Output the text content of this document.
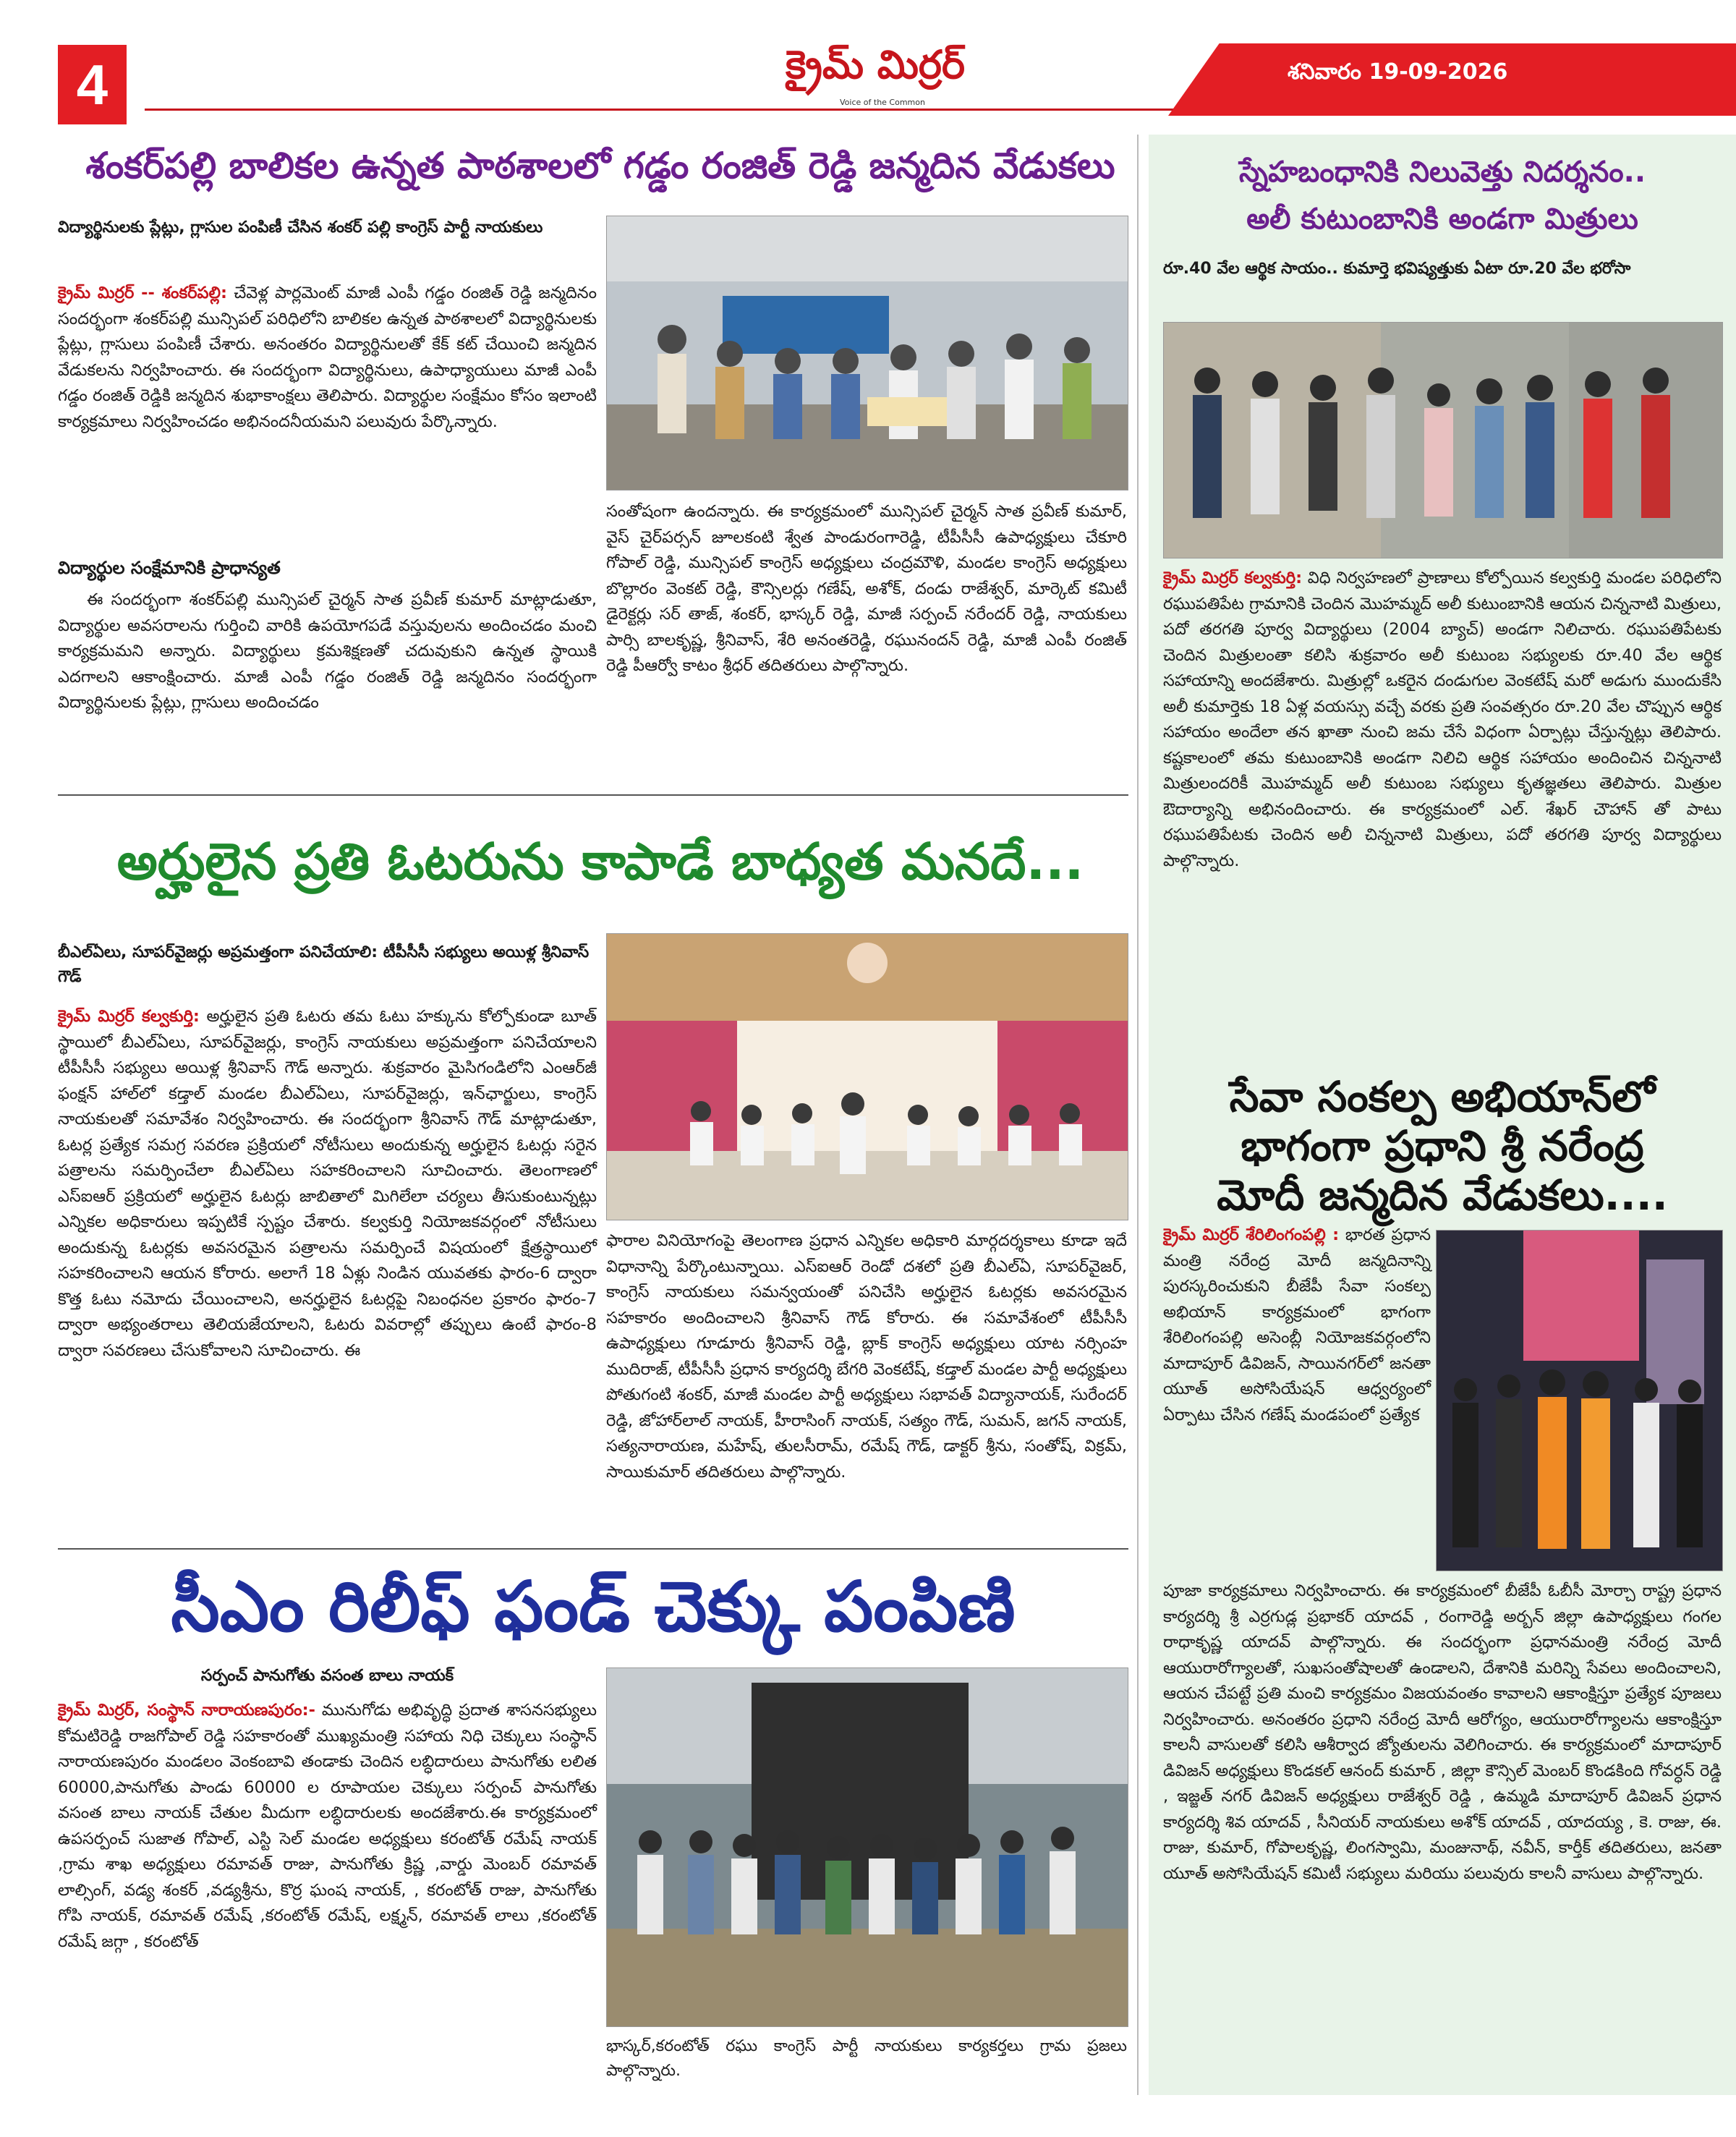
4	క్రైమ్ మిర్రర్
Voice of the Common
శనివారం 19-09-2026
శంకర్‌పల్లి బాలికల ఉన్నత పాఠశాలలో గడ్డం రంజిత్ రెడ్డి జన్మదిన వేడుకలు
విద్యార్థినులకు ప్లేట్లు, గ్లాసుల పంపిణీ చేసిన శంకర్ పల్లి కాంగ్రెస్ పార్టీ నాయకులు

క్రైమ్ మిర్రర్ -- శంకర్‌పల్లి: చేవెళ్ల పార్లమెంట్ మాజీ ఎంపీ గడ్డం రంజిత్ రెడ్డి జన్మదినం సందర్భంగా శంకర్‌పల్లి మున్సిపల్ పరిధిలోని బాలికల ఉన్నత పాఠశాలలో విద్యార్థినులకు ప్లేట్లు, గ్లాసులు పంపిణీ చేశారు. అనంతరం విద్యార్థినులతో కేక్ కట్ చేయించి జన్మదిన వేడుకలను నిర్వహించారు. ఈ సందర్భంగా విద్యార్థినులు, ఉపాధ్యాయులు మాజీ ఎంపీ గడ్డం రంజిత్ రెడ్డికి జన్మదిన శుభాకాంక్షలు తెలిపారు. విద్యార్థుల సంక్షేమం కోసం ఇలాంటి కార్యక్రమాలు నిర్వహించడం అభినందనీయమని పలువురు పేర్కొన్నారు.

విద్యార్థుల సంక్షేమానికి ప్రాధాన్యత
ఈ సందర్భంగా శంకర్‌పల్లి మున్సిపల్ చైర్మన్ సాత ప్రవీణ్ కుమార్ మాట్లాడుతూ, విద్యార్థుల అవసరాలను గుర్తించి వారికి ఉపయోగపడే వస్తువులను అందించడం మంచి కార్యక్రమమని అన్నారు. విద్యార్థులు క్రమశిక్షణతో చదువుకుని ఉన్నత స్థాయికి ఎదగాలని ఆకాంక్షించారు. మాజీ ఎంపీ గడ్డం రంజిత్ రెడ్డి జన్మదినం సందర్భంగా విద్యార్థినులకు ప్లేట్లు, గ్లాసులు అందించడం
సంతోషంగా ఉందన్నారు. ఈ కార్యక్రమంలో మున్సిపల్ చైర్మన్ సాత ప్రవీణ్ కుమార్, వైస్ చైర్‌పర్సన్ జూలకంటి శ్వేత పాండురంగారెడ్డి, టీపీసీసీ ఉపాధ్యక్షులు చేకూరి గోపాల్ రెడ్డి, మున్సిపల్ కాంగ్రెస్ అధ్యక్షులు చంద్రమౌళి, మండల కాంగ్రెస్ అధ్యక్షులు బొల్లారం వెంకట్ రెడ్డి, కౌన్సిలర్లు గణేష్, అశోక్, దండు రాజేశ్వర్, మార్కెట్ కమిటీ డైరెక్టర్లు సర్ తాజ్, శంకర్, భాస్కర్ రెడ్డి, మాజీ సర్పంచ్ నరేందర్ రెడ్డి, నాయకులు పార్సి బాలకృష్ణ, శ్రీనివాస్, శేరి అనంతరెడ్డి, రఘునందన్ రెడ్డి, మాజీ ఎంపీ రంజిత్ రెడ్డి పీఆర్వో కాటం శ్రీధర్ తదితరులు పాల్గొన్నారు.
అర్హులైన ప్రతి ఓటరును కాపాడే బాధ్యత మనదే...
బీఎల్ఏలు, సూపర్‌వైజర్లు అప్రమత్తంగా పనిచేయాలి: టీపీసీసీ సభ్యులు అయిళ్ల శ్రీనివాస్ గౌడ్

క్రైమ్ మిర్రర్ కల్వకుర్తి: అర్హులైన ప్రతి ఓటరు తమ ఓటు హక్కును కోల్పోకుండా బూత్ స్థాయిలో బీఎల్ఏలు, సూపర్‌వైజర్లు, కాంగ్రెస్ నాయకులు అప్రమత్తంగా పనిచేయాలని టీపీసీసీ సభ్యులు అయిళ్ల శ్రీనివాస్ గౌడ్ అన్నారు. శుక్రవారం మైసిగండిలోని ఎంఆర్‌జీ ఫంక్షన్ హాల్‌లో కడ్తాల్ మండల బీఎల్ఏలు, సూపర్‌వైజర్లు, ఇన్‌ఛార్జులు, కాంగ్రెస్ నాయకులతో సమావేశం నిర్వహించారు. ఈ సందర్భంగా శ్రీనివాస్ గౌడ్ మాట్లాడుతూ, ఓటర్ల ప్రత్యేక సమగ్ర సవరణ ప్రక్రియలో నోటీసులు అందుకున్న అర్హులైన ఓటర్లు సరైన పత్రాలను సమర్పించేలా బీఎల్ఏలు సహకరించాలని సూచించారు. తెలంగాణలో ఎస్ఐఆర్ ప్రక్రియలో అర్హులైన ఓటర్లు జాబితాలో మిగిలేలా చర్యలు తీసుకుంటున్నట్లు ఎన్నికల అధికారులు ఇప్పటికే స్పష్టం చేశారు. కల్వకుర్తి నియోజకవర్గంలో నోటీసులు అందుకున్న ఓటర్లకు అవసరమైన పత్రాలను సమర్పించే విషయంలో క్షేత్రస్థాయిలో సహకరించాలని ఆయన కోరారు. అలాగే 18 ఏళ్లు నిండిన యువతకు ఫారం-6 ద్వారా కొత్త ఓటు నమోదు చేయించాలని, అనర్హులైన ఓటర్లపై నిబంధనల ప్రకారం ఫారం-7 ద్వారా అభ్యంతరాలు తెలియజేయాలని, ఓటరు వివరాల్లో తప్పులు ఉంటే ఫారం-8 ద్వారా సవరణలు చేసుకోవాలని సూచించారు. ఈ

ఫారాల వినియోగంపై తెలంగాణ ప్రధాన ఎన్నికల అధికారి మార్గదర్శకాలు కూడా ఇదే విధానాన్ని పేర్కొంటున్నాయి. ఎస్ఐఆర్ రెండో దశలో ప్రతి బీఎల్ఏ, సూపర్‌వైజర్, కాంగ్రెస్ నాయకులు సమన్వయంతో పనిచేసి అర్హులైన ఓటర్లకు అవసరమైన సహకారం అందించాలని శ్రీనివాస్ గౌడ్ కోరారు. ఈ సమావేశంలో టీపీసీసీ ఉపాధ్యక్షులు గూడూరు శ్రీనివాస్ రెడ్డి, బ్లాక్ కాంగ్రెస్ అధ్యక్షులు యాట నర్సింహ ముదిరాజ్, టీపీసీసీ ప్రధాన కార్యదర్శి బేగరి వెంకటేష్, కడ్తాల్ మండల పార్టీ అధ్యక్షులు పోతుగంటి శంకర్, మాజీ మండల పార్టీ అధ్యక్షులు సభావత్ విద్యానాయక్, సురేందర్ రెడ్డి, జోహార్‌లాల్ నాయక్, హీరాసింగ్ నాయక్, సత్యం గౌడ్, సుమన్, జగన్ నాయక్, సత్యనారాయణ, మహేష్, తులసీరామ్, రమేష్ గౌడ్, డాక్టర్ శ్రీను, సంతోష్, విక్రమ్, సాయికుమార్ తదితరులు పాల్గొన్నారు.
సీఎం రిలీఫ్ ఫండ్ చెక్కు పంపిణి
సర్పంచ్ పానుగోతు వసంత బాలు నాయక్

క్రైమ్ మిర్రర్, సంస్థాన్ నారాయణపురం:- మునుగోడు అభివృద్ధి ప్రదాత శాసనసభ్యులు కోమటిరెడ్డి రాజగోపాల్ రెడ్డి సహకారంతో ముఖ్యమంత్రి సహాయ నిధి చెక్కులు సంస్థాన్ నారాయణపురం మండలం వెంకంబావి తండాకు చెందిన లబ్ధిదారులు పానుగోతు లలిత 60000,పానుగోతు పాండు 60000 ల రూపాయల చెక్కులు సర్పంచ్ పానుగోతు వసంత బాలు నాయక్ చేతుల మీదుగా లబ్ధిదారులకు అందజేశారు.ఈ కార్యక్రమంలో ఉపసర్పంచ్ సుజాత గోపాల్, ఎస్టి సెల్ మండల అధ్యక్షులు కరంటోత్ రమేష్ నాయక్ ,గ్రామ శాఖ అధ్యక్షులు రమావత్ రాజు, పానుగోతు క్రిష్ణ ,వార్డు మెంబర్ రమావత్ లాల్సింగ్, వడ్య శంకర్ ,వడ్యశ్రీను, కొర్ర ఘంష నాయక్, , కరంటోత్ రాజు, పానుగోతు గోపి నాయక్, రమావత్ రమేష్ ,కరంటోత్ రమేష్, లక్ష్మన్, రమావత్ లాలు ,కరంటోత్ రమేష్ జగ్గా , కరంటోత్

భాస్కర్,కరంటోత్ రఘు కాంగ్రెస్ పార్టీ నాయకులు కార్యకర్తలు గ్రామ ప్రజలు పాల్గొన్నారు.
స్నేహబంధానికి నిలువెత్తు నిదర్శనం..
అలీ కుటుంబానికి అండగా మిత్రులు
రూ.40 వేల ఆర్థిక సాయం.. కుమార్తె భవిష్యత్తుకు ఏటా రూ.20 వేల భరోసా

క్రైమ్ మిర్రర్ కల్వకుర్తి: విధి నిర్వహణలో ప్రాణాలు కోల్పోయిన కల్వకుర్తి మండల పరిధిలోని రఘుపతిపేట గ్రామానికి చెందిన మొహమ్మద్ అలీ కుటుంబానికి ఆయన చిన్ననాటి మిత్రులు, పదో తరగతి పూర్వ విద్యార్థులు (2004 బ్యాచ్) అండగా నిలిచారు. రఘుపతిపేటకు చెందిన మిత్రులంతా కలిసి శుక్రవారం అలీ కుటుంబ సభ్యులకు రూ.40 వేల ఆర్థిక సహాయాన్ని అందజేశారు. మిత్రుల్లో ఒకరైన దండుగుల వెంకటేష్ మరో అడుగు ముందుకేసి అలీ కుమార్తెకు 18 ఏళ్ల వయస్సు వచ్చే వరకు ప్రతి సంవత్సరం రూ.20 వేల చొప్పున ఆర్థిక సహాయం అందేలా తన ఖాతా నుంచి జమ చేసే విధంగా ఏర్పాట్లు చేస్తున్నట్లు తెలిపారు. కష్టకాలంలో తమ కుటుంబానికి అండగా నిలిచి ఆర్థిక సహాయం అందించిన చిన్ననాటి మిత్రులందరికీ మొహమ్మద్ అలీ కుటుంబ సభ్యులు కృతజ్ఞతలు తెలిపారు. మిత్రుల ఔదార్యాన్ని అభినందించారు. ఈ కార్యక్రమంలో ఎల్. శేఖర్ చౌహాన్ తో పాటు రఘుపతిపేటకు చెందిన అలీ చిన్ననాటి మిత్రులు, పదో తరగతి పూర్వ విద్యార్థులు పాల్గొన్నారు.

సేవా సంకల్ప అభియాన్‌లో
భాగంగా ప్రధాని శ్రీ నరేంద్ర
మోదీ జన్మదిన వేడుకలు....

క్రైమ్ మిర్రర్ శేరిలింగంపల్లి : భారత ప్రధాన మంత్రి నరేంద్ర మోదీ జన్మదినాన్ని పురస్కరించుకుని బీజేపీ సేవా సంకల్ప అభియాన్ కార్యక్రమంలో భాగంగా శేరిలింగంపల్లి అసెంబ్లీ నియోజకవర్గంలోని మాదాపూర్ డివిజన్, సాయినగర్‌లో జనతా యూత్ అసోసియేషన్ ఆధ్వర్యంలో ఏర్పాటు చేసిన గణేష్ మండపంలో ప్రత్యేక

పూజా కార్యక్రమాలు నిర్వహించారు. ఈ కార్యక్రమంలో బీజేపీ ఓబీసీ మోర్చా రాష్ట్ర ప్రధాన కార్యదర్శి శ్రీ ఎర్రగుడ్ల ప్రభాకర్ యాదవ్ , రంగారెడ్డి అర్బన్ జిల్లా ఉపాధ్యక్షులు గంగల రాధాకృష్ణ యాదవ్ పాల్గొన్నారు. ఈ సందర్భంగా ప్రధానమంత్రి నరేంద్ర మోదీ ఆయురారోగ్యాలతో, సుఖసంతోషాలతో ఉండాలని, దేశానికి మరిన్ని సేవలు అందించాలని, ఆయన చేపట్టే ప్రతి మంచి కార్యక్రమం విజయవంతం కావాలని ఆకాంక్షిస్తూ ప్రత్యేక పూజలు నిర్వహించారు. అనంతరం ప్రధాని నరేంద్ర మోదీ ఆరోగ్యం, ఆయురారోగ్యాలను ఆకాంక్షిస్తూ కాలనీ వాసులతో కలిసి ఆశీర్వాద జ్యోతులను వెలిగించారు. ఈ కార్యక్రమంలో మాదాపూర్ డివిజన్ అధ్యక్షులు కొండకల్ ఆనంద్ కుమార్ , జిల్లా కౌన్సిల్ మెంబర్ కొండకింది గోవర్ధన్ రెడ్డి , ఇజ్జత్ నగర్ డివిజన్ అధ్యక్షులు రాజేశ్వర్ రెడ్డి , ఉమ్మడి మాదాపూర్ డివిజన్ ప్రధాన కార్యదర్శి శివ యాదవ్ , సీనియర్ నాయకులు అశోక్ యాదవ్ , యాదయ్య , కె. రాజు, ఈ. రాజు, కుమార్, గోపాలకృష్ణ, లింగస్వామి, మంజునాథ్, నవీన్, కార్తీక్ తదితరులు, జనతా యూత్ అసోసియేషన్ కమిటీ సభ్యులు మరియు పలువురు కాలనీ వాసులు పాల్గొన్నారు.
